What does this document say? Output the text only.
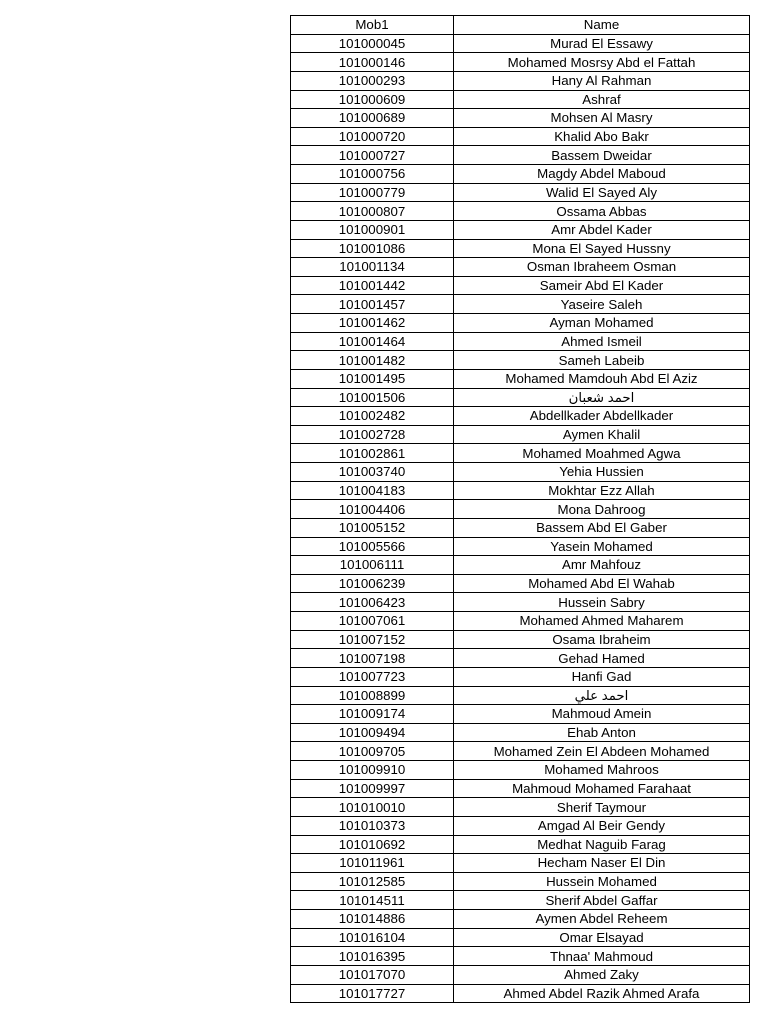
Mob1	Name
101000045	Murad El Essawy
101000146	Mohamed Mosrsy Abd el Fattah
101000293	Hany Al Rahman
101000609	Ashraf
101000689	Mohsen Al Masry
101000720	Khalid Abo Bakr
101000727	Bassem Dweidar
101000756	Magdy Abdel Maboud
101000779	Walid El Sayed Aly
101000807	Ossama Abbas
101000901	Amr Abdel Kader
101001086	Mona El Sayed Hussny
101001134	Osman Ibraheem Osman
101001442	Sameir Abd El Kader
101001457	Yaseire Saleh
101001462	Ayman Mohamed
101001464	Ahmed Ismeil
101001482	Sameh Labeib
101001495	Mohamed Mamdouh Abd El Aziz
101001506	احمد شعبان
101002482	Abdellkader Abdellkader
101002728	Aymen Khalil
101002861	Mohamed Moahmed Agwa
101003740	Yehia Hussien
101004183	Mokhtar Ezz Allah
101004406	Mona Dahroog
101005152	Bassem Abd El Gaber
101005566	Yasein Mohamed
101006111	Amr Mahfouz
101006239	Mohamed Abd El Wahab
101006423	Hussein Sabry
101007061	Mohamed Ahmed Maharem
101007152	Osama Ibraheim
101007198	Gehad Hamed
101007723	Hanfi Gad
101008899	احمد علي
101009174	Mahmoud Amein
101009494	Ehab Anton
101009705	Mohamed Zein El Abdeen Mohamed
101009910	Mohamed Mahroos
101009997	Mahmoud Mohamed Farahaat
101010010	Sherif Taymour
101010373	Amgad Al Beir Gendy
101010692	Medhat Naguib Farag
101011961	Hecham Naser El Din
101012585	Hussein Mohamed
101014511	Sherif Abdel Gaffar
101014886	Aymen Abdel Reheem
101016104	Omar Elsayad
101016395	Thnaa' Mahmoud
101017070	Ahmed Zaky
101017727	Ahmed Abdel Razik Ahmed Arafa
